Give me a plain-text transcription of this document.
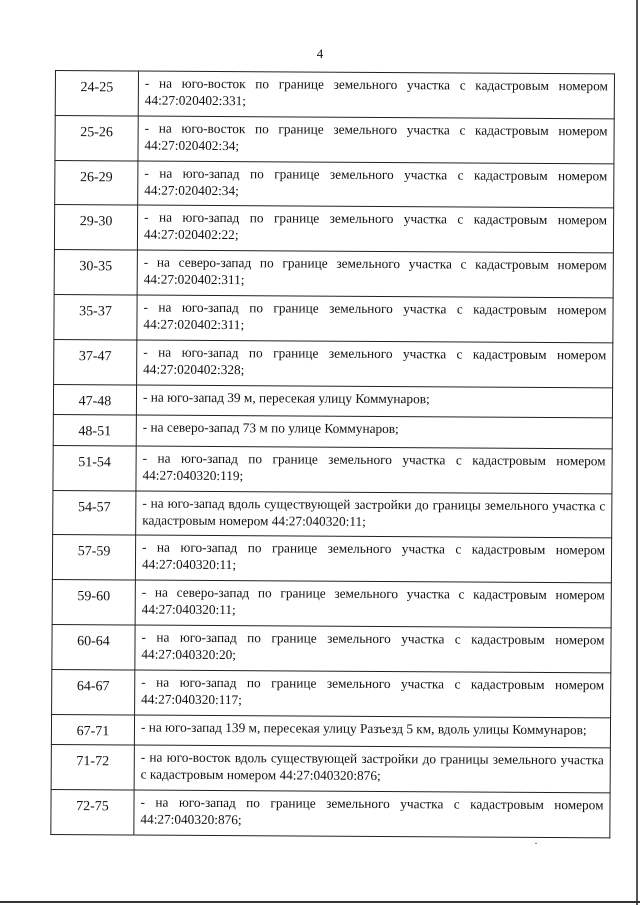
4
24-25	- на юго-восток по границе земельного участка с кадастровым номером 44:27:020402:331;
25-26	- на юго-восток по границе земельного участка с кадастровым номером 44:27:020402:34;
26-29	- на юго-запад по границе земельного участка с кадастровым номером 44:27:020402:34;
29-30	- на юго-запад по границе земельного участка с кадастровым номером 44:27:020402:22;
30-35	- на северо-запад по границе земельного участка с кадастровым номером 44:27:020402:311;
35-37	- на юго-запад по границе земельного участка с кадастровым номером 44:27:020402:311;
37-47	- на юго-запад по границе земельного участка с кадастровым номером 44:27:020402:328;
47-48	- на юго-запад 39 м, пересекая улицу Коммунаров;
48-51	- на северо-запад 73 м по улице Коммунаров;
51-54	- на юго-запад по границе земельного участка с кадастровым номером 44:27:040320:119;
54-57	- на юго-запад вдоль существующей застройки до границы земельного участка с кадастровым номером 44:27:040320:11;
57-59	- на юго-запад по границе земельного участка с кадастровым номером 44:27:040320:11;
59-60	- на северо-запад по границе земельного участка с кадастровым номером 44:27:040320:11;
60-64	- на юго-запад по границе земельного участка с кадастровым номером 44:27:040320:20;
64-67	- на юго-запад по границе земельного участка с кадастровым номером 44:27:040320:117;
67-71	- на юго-запад 139 м, пересекая улицу Разъезд 5 км, вдоль улицы Коммунаров;
71-72	- на юго-восток вдоль существующей застройки до границы земельного участка с кадастровым номером 44:27:040320:876;
72-75	- на юго-запад по границе земельного участка с кадастровым номером 44:27:040320:876;
